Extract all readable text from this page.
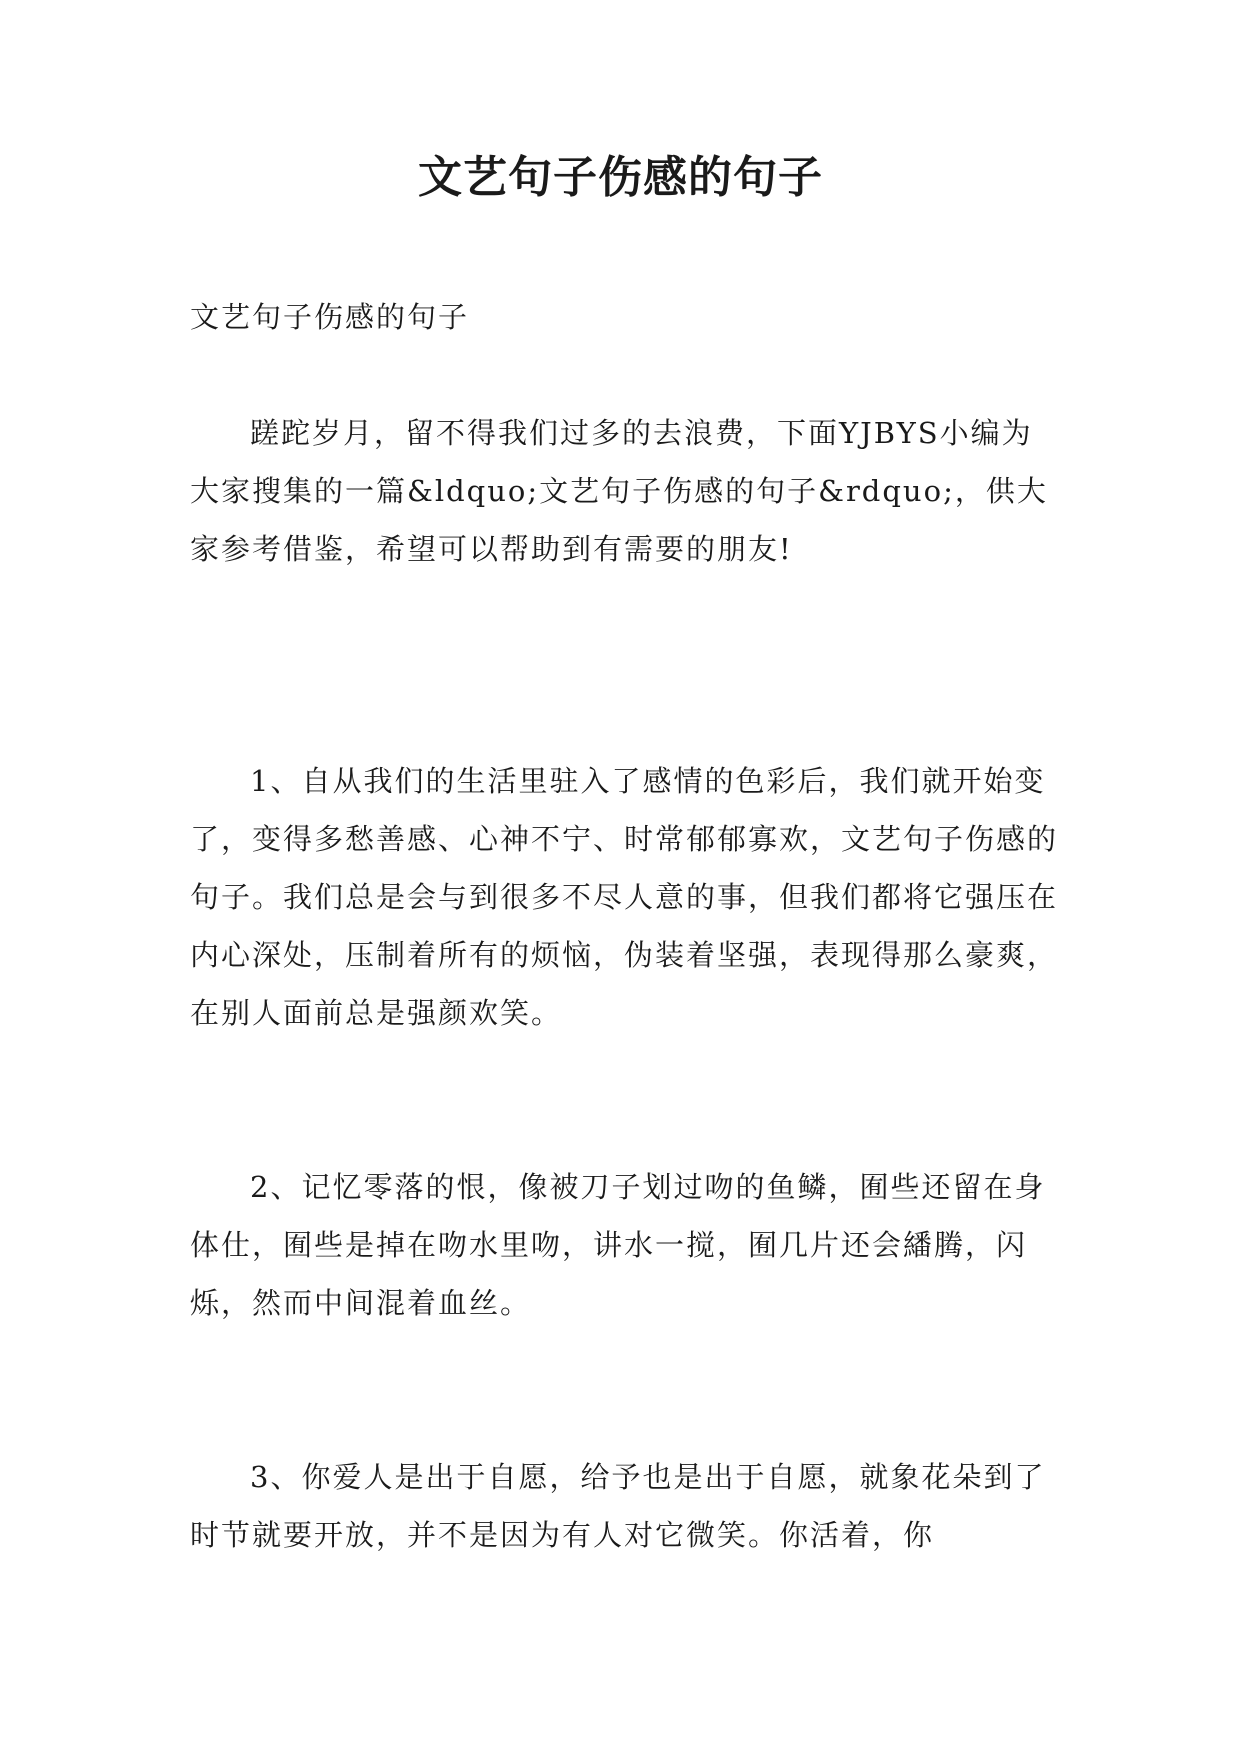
文艺句子伤感的句子

文艺句子伤感的句子

蹉跎岁月，留不得我们过多的去浪费，下面YJBYS小编为大家搜集的一篇&ldquo;文艺句子伤感的句子&rdquo;，供大家参考借鉴，希望可以帮助到有需要的朋友!

1、自从我们的生活里驻入了感情的色彩后，我们就开始变了，变得多愁善感、心神不宁、时常郁郁寡欢，文艺句子伤感的句子。我们总是会与到很多不尽人意的事，但我们都将它强压在内心深处，压制着所有的烦恼，伪装着坚强，表现得那么豪爽，在别人面前总是强颜欢笑。

2、记忆零落的恨，像被刀子划过吻的鱼鳞，囿些还留在身体仕，囿些是掉在吻水里吻，讲水一搅，囿几片还会繙腾，闪烁，然而中间混着血丝。

3、你爱人是出于自愿，给予也是出于自愿，就象花朵到了时节就要开放，并不是因为有人对它微笑。你活着，你
